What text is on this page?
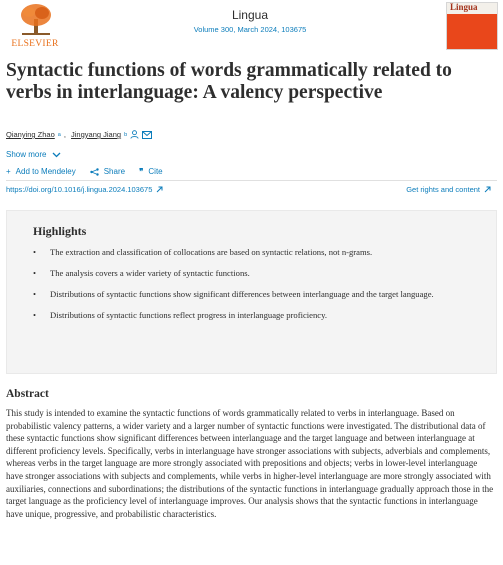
ELSEVIER
Lingua
Volume 300, March 2024, 103675
Lingua
Syntactic functions of words grammatically related to verbs in interlanguage: A valency perspective
Qianying Zhao a , Jingyang Jiang b
Show more
+ Add to Mendeley	Share ❞ Cite
https://doi.org/10.1016/j.lingua.2024.103675	Get rights and content
Highlights
•	The extraction and classification of collocations are based on syntactic relations, not n-grams.
•	The analysis covers a wider variety of syntactic functions.
•	Distributions of syntactic functions show significant differences between interlanguage and the target language.
•	Distributions of syntactic functions reflect progress in interlanguage proficiency.
Abstract

This study is intended to examine the syntactic functions of words grammatically related to verbs in interlanguage. Based on probabilistic valency patterns, a wider variety and a larger number of syntactic functions were investigated. The distributional data of these syntactic functions show significant differences between interlanguage and the target language and between interlanguage at different proficiency levels. Specifically, verbs in interlanguage have stronger associations with subjects, adverbials and complements, whereas verbs in the target language are more strongly associated with prepositions and objects; verbs in lower-level interlanguage have stronger associations with subjects and complements, while verbs in higher-level interlanguage are more strongly associated with auxiliaries, connections and subordinations; the distributions of the syntactic functions in interlanguage gradually approach those in the target language as the proficiency level of interlanguage improves. Our analysis shows that the syntactic functions in interlanguage have unique, progressive, and probabilistic characteristics.
